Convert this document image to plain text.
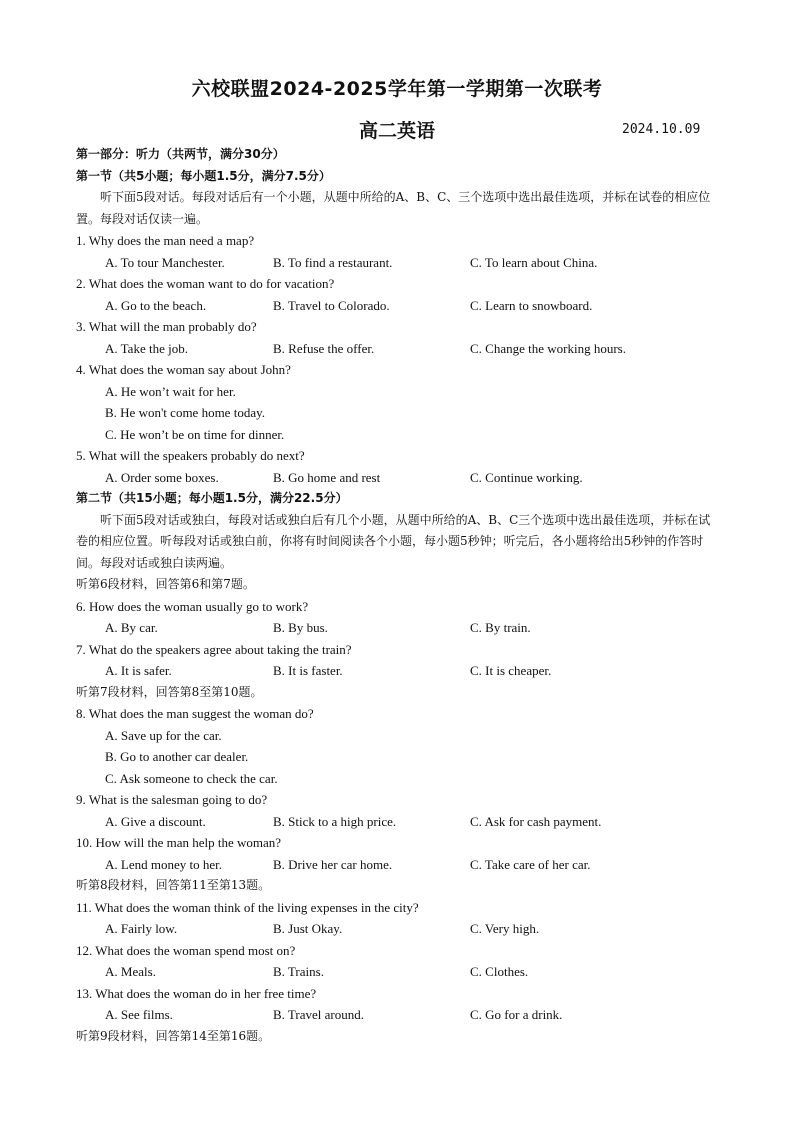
六校联盟2024-2025学年第一学期第一次联考
高二英语	2024.10.09
第一部分：听力（共两节，满分30分）
第一节（共5小题；每小题1.5分，满分7.5分）
听下面5段对话。每段对话后有一个小题，从题中所给的A、B、C、三个选项中选出最佳选项，并标在试卷的相应位置。每段对话仅读一遍。
1. Why does the man need a map?
A. To tour Manchester.	B. To find a restaurant.	C. To learn about China.
2. What does the woman want to do for vacation?
A. Go to the beach.	B. Travel to Colorado.	C. Learn to snowboard.
3. What will the man probably do?
A. Take the job.	B. Refuse the offer.	C. Change the working hours.
4. What does the woman say about John?
A. He won’t wait for her.
B. He won't come home today.
C. He won’t be on time for dinner.
5. What will the speakers probably do next?
A. Order some boxes.	B. Go home and rest	C. Continue working.
第二节（共15小题；每小题1.5分，满分22.5分）
听下面5段对话或独白，每段对话或独白后有几个小题，从题中所给的A、B、C三个选项中选出最佳选项，并标在试卷的相应位置。听每段对话或独白前，你将有时间阅读各个小题，每小题5秒钟；听完后，各小题将给出5秒钟的作答时间。每段对话或独白读两遍。
听第6段材料，回答第6和第7题。
6. How does the woman usually go to work?
A. By car.	B. By bus.	C. By train.
7. What do the speakers agree about taking the train?
A. It is safer.	B. It is faster.	C. It is cheaper.
听第7段材料，回答第8至第10题。
8. What does the man suggest the woman do?
A. Save up for the car.
B. Go to another car dealer.
C. Ask someone to check the car.
9. What is the salesman going to do?
A. Give a discount.	B. Stick to a high price.	C. Ask for cash payment.
10. How will the man help the woman?
A. Lend money to her.	B. Drive her car home.	C. Take care of her car.
听第8段材料，回答第11至第13题。
11. What does the woman think of the living expenses in the city?
A. Fairly low.	B. Just Okay.	C. Very high.
12. What does the woman spend most on?
A. Meals.	B. Trains.	C. Clothes.
13. What does the woman do in her free time?
A. See films.	B. Travel around.	C. Go for a drink.
听第9段材料，回答第14至第16题。
